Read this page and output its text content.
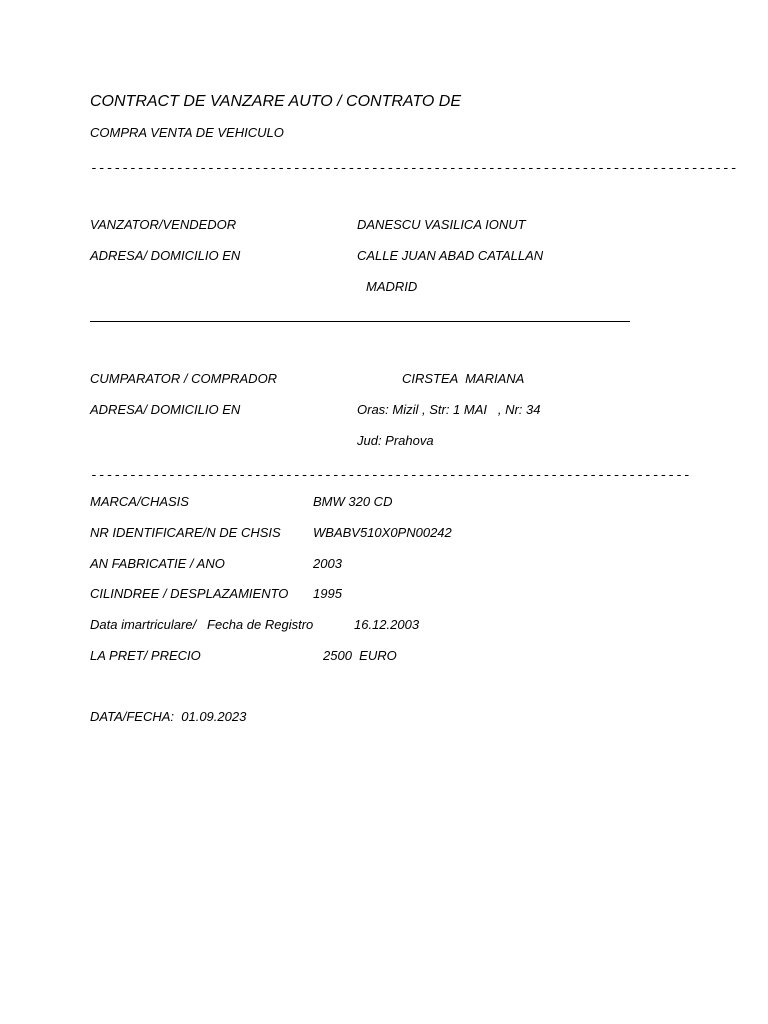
CONTRACT DE VANZARE AUTO / CONTRATO DE
COMPRA VENTA DE VEHICULO
-----------------------------------------------------------------------------------
VANZATOR/VENDEDOR	DANESCU VASILICA IONUT
ADRESA/ DOMICILIO EN	CALLE JUAN ABAD CATALLAN
MADRID
CUMPARATOR / COMPRADOR	CIRSTEA  MARIANA
ADRESA/ DOMICILIO EN	Oras: Mizil , Str: 1 MAI   , Nr: 34
Jud: Prahova
-----------------------------------------------------------------------------
MARCA/CHASIS	BMW 320 CD
NR IDENTIFICARE/N DE CHSIS WBABV510X0PN00242
AN FABRICATIE / ANO	2003
CILINDREE / DESPLAZAMIENTO 1995
Data imartriculare/   Fecha de Registro	16.12.2003
LA PRET/ PRECIO	2500  EURO
DATA/FECHA:  01.09.2023
